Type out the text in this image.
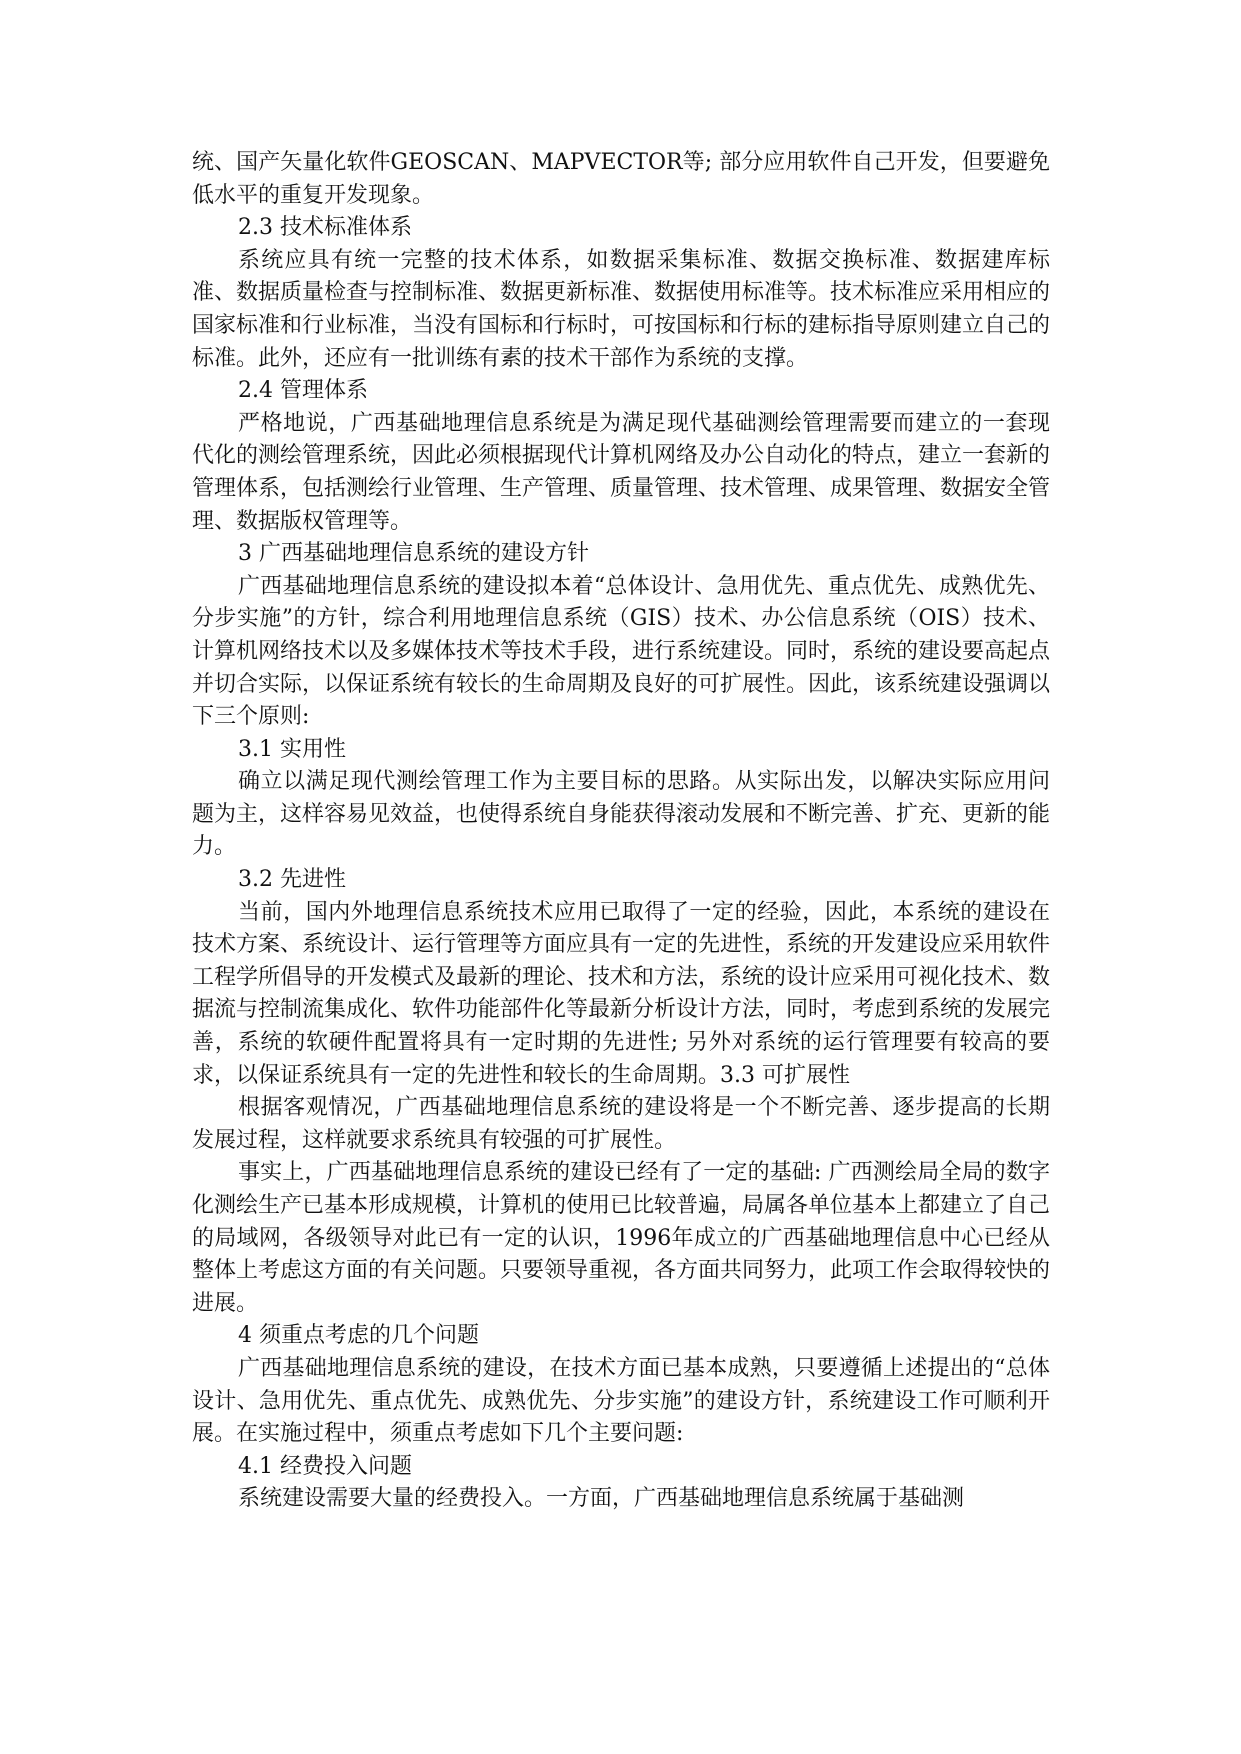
统、国产矢量化软件GEOSCAN、MAPVECTOR等; 部分应用软件自己开发，但要避免低水平的重复开发现象。

2.3 技术标准体系

系统应具有统一完整的技术体系，如数据采集标准、数据交换标准、数据建库标准、数据质量检查与控制标准、数据更新标准、数据使用标准等。技术标准应采用相应的国家标准和行业标准，当没有国标和行标时，可按国标和行标的建标指导原则建立自己的标准。此外，还应有一批训练有素的技术干部作为系统的支撑。

2.4 管理体系

严格地说，广西基础地理信息系统是为满足现代基础测绘管理需要而建立的一套现代化的测绘管理系统，因此必须根据现代计算机网络及办公自动化的特点，建立一套新的管理体系，包括测绘行业管理、生产管理、质量管理、技术管理、成果管理、数据安全管理、数据版权管理等。

3 广西基础地理信息系统的建设方针

广西基础地理信息系统的建设拟本着“总体设计、急用优先、重点优先、成熟优先、分步实施”的方针，综合利用地理信息系统（GIS）技术、办公信息系统（OIS）技术、计算机网络技术以及多媒体技术等技术手段，进行系统建设。同时，系统的建设要高起点并切合实际，以保证系统有较长的生命周期及良好的可扩展性。因此，该系统建设强调以下三个原则:

3.1 实用性

确立以满足现代测绘管理工作为主要目标的思路。从实际出发，以解决实际应用问题为主，这样容易见效益，也使得系统自身能获得滚动发展和不断完善、扩充、更新的能力。

3.2 先进性

当前，国内外地理信息系统技术应用已取得了一定的经验，因此，本系统的建设在技术方案、系统设计、运行管理等方面应具有一定的先进性，系统的开发建设应采用软件工程学所倡导的开发模式及最新的理论、技术和方法，系统的设计应采用可视化技术、数据流与控制流集成化、软件功能部件化等最新分析设计方法，同时，考虑到系统的发展完善，系统的软硬件配置将具有一定时期的先进性; 另外对系统的运行管理要有较高的要求，以保证系统具有一定的先进性和较长的生命周期。3.3 可扩展性

根据客观情况，广西基础地理信息系统的建设将是一个不断完善、逐步提高的长期发展过程，这样就要求系统具有较强的可扩展性。

事实上，广西基础地理信息系统的建设已经有了一定的基础: 广西测绘局全局的数字化测绘生产已基本形成规模，计算机的使用已比较普遍，局属各单位基本上都建立了自己的局域网，各级领导对此已有一定的认识，1996年成立的广西基础地理信息中心已经从整体上考虑这方面的有关问题。只要领导重视，各方面共同努力，此项工作会取得较快的进展。

4 须重点考虑的几个问题

广西基础地理信息系统的建设，在技术方面已基本成熟，只要遵循上述提出的“总体设计、急用优先、重点优先、成熟优先、分步实施”的建设方针，系统建设工作可顺利开展。在实施过程中，须重点考虑如下几个主要问题:

4.1 经费投入问题

系统建设需要大量的经费投入。一方面，广西基础地理信息系统属于基础测
